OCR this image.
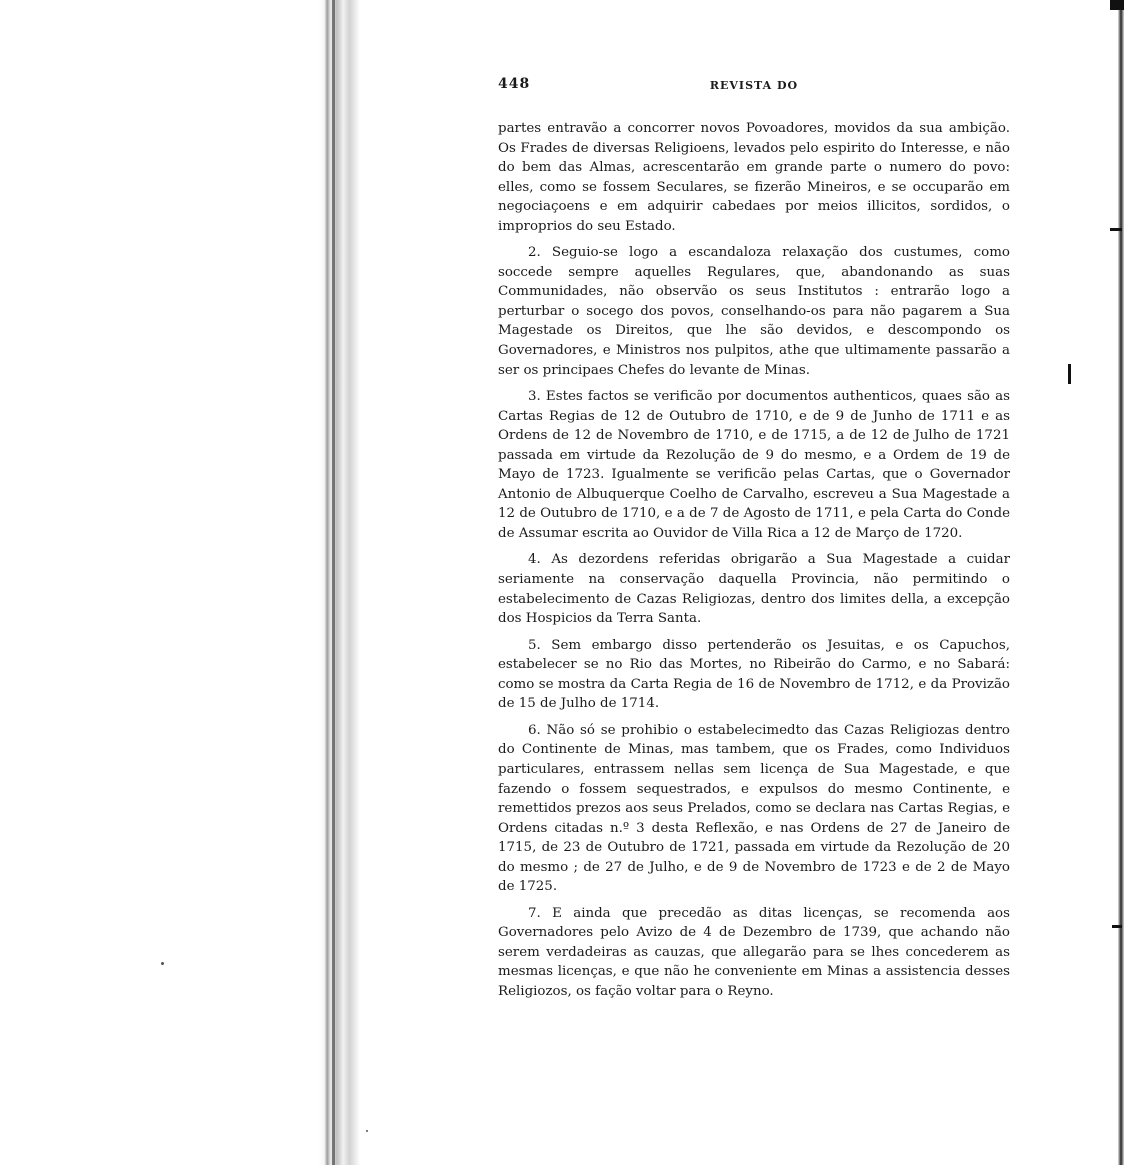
448	REVISTA DO

partes entravão a concorrer novos Povoadores, movidos da sua ambição. Os Frades de diversas Religioens, levados pelo espirito do Interesse, e não do bem das Almas, acrescentarão em grande parte o numero do povo: elles, como se fossem Seculares, se fizerão Mineiros, e se occuparão em negociaçoens e em adquirir cabedaes por meios illicitos, sordidos, o improprios do seu Estado.

2. Seguio-se logo a escandaloza relaxação dos custumes, como soccede sempre aquelles Regulares, que, abandonando as suas Communidades, não observão os seus Institutos : entrarão logo a perturbar o socego dos povos, conselhando-os para não pagarem a Sua Magestade os Direitos, que lhe são devidos, e descompondo os Governadores, e Ministros nos pulpitos, athe que ultimamente passarão a ser os principaes Chefes do levante de Minas.

3. Estes factos se verificão por documentos authenticos, quaes são as Cartas Regias de 12 de Outubro de 1710, e de 9 de Junho de 1711 e as Ordens de 12 de Novembro de 1710, e de 1715, a de 12 de Julho de 1721 passada em virtude da Rezolução de 9 do mesmo, e a Ordem de 19 de Mayo de 1723. Igualmente se verificão pelas Cartas, que o Governador Antonio de Albuquerque Coelho de Carvalho, escreveu a Sua Magestade a 12 de Outubro de 1710, e a de 7 de Agosto de 1711, e pela Carta do Conde de Assumar escrita ao Ouvidor de Villa Rica a 12 de Março de 1720.

4. As dezordens referidas obrigarão a Sua Magestade a cuidar seriamente na conservação daquella Provincia, não permitindo o estabelecimento de Cazas Religiozas, dentro dos limites della, a excepção dos Hospicios da Terra Santa.

5. Sem embargo disso pertenderão os Jesuitas, e os Capuchos, estabelecer se no Rio das Mortes, no Ribeirão do Carmo, e no Sabará: como se mostra da Carta Regia de 16 de Novembro de 1712, e da Provizão de 15 de Julho de 1714.

6. Não só se prohibio o estabelecimedto das Cazas Religiozas dentro do Continente de Minas, mas tambem, que os Frades, como Individuos particulares, entrassem nellas sem licença de Sua Magestade, e que fazendo o fossem sequestrados, e expulsos do mesmo Continente, e remettidos prezos aos seus Prelados, como se declara nas Cartas Regias, e Ordens citadas n.º 3 desta Reflexão, e nas Ordens de 27 de Janeiro de 1715, de 23 de Outubro de 1721, passada em virtude da Rezolução de 20 do mesmo ; de 27 de Julho, e de 9 de Novembro de 1723 e de 2 de Mayo de 1725.

7. E ainda que precedão as ditas licenças, se recomenda aos Governadores pelo Avizo de 4 de Dezembro de 1739, que achando não serem verdadeiras as cauzas, que allegarão para se lhes concederem as mesmas licenças, e que não he conveniente em Minas a assistencia desses Religiozos, os fação voltar para o Reyno.
